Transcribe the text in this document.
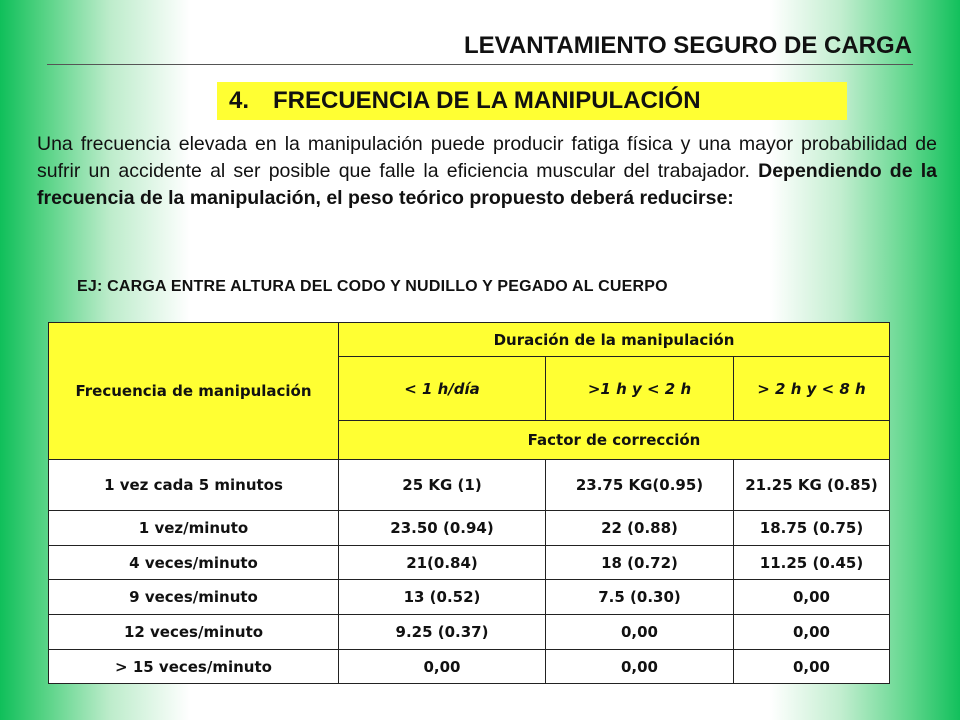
LEVANTAMIENTO SEGURO DE CARGA
4. FRECUENCIA DE LA MANIPULACIÓN
Una frecuencia elevada en la manipulación puede producir fatiga física y una mayor probabilidad de sufrir un accidente al ser posible que falle la eficiencia muscular del trabajador. Dependiendo de la frecuencia de la manipulación, el peso teórico propuesto deberá reducirse:
EJ: CARGA ENTRE ALTURA DEL CODO Y NUDILLO Y PEGADO AL CUERPO
Frecuencia de manipulación	Duración de la manipulación		
	< 1 h/día	>1 h y < 2 h	> 2 h y < 8 h
	Factor de corrección		
1 vez cada 5 minutos	25 KG (1)	23.75 KG(0.95)	21.25 KG (0.85)
1 vez/minuto	23.50 (0.94)	22 (0.88)	18.75 (0.75)
4 veces/minuto	21(0.84)	18 (0.72)	11.25 (0.45)
9 veces/minuto	13 (0.52)	7.5 (0.30)	0,00
12 veces/minuto	9.25 (0.37)	0,00	0,00
> 15 veces/minuto	0,00	0,00	0,00
